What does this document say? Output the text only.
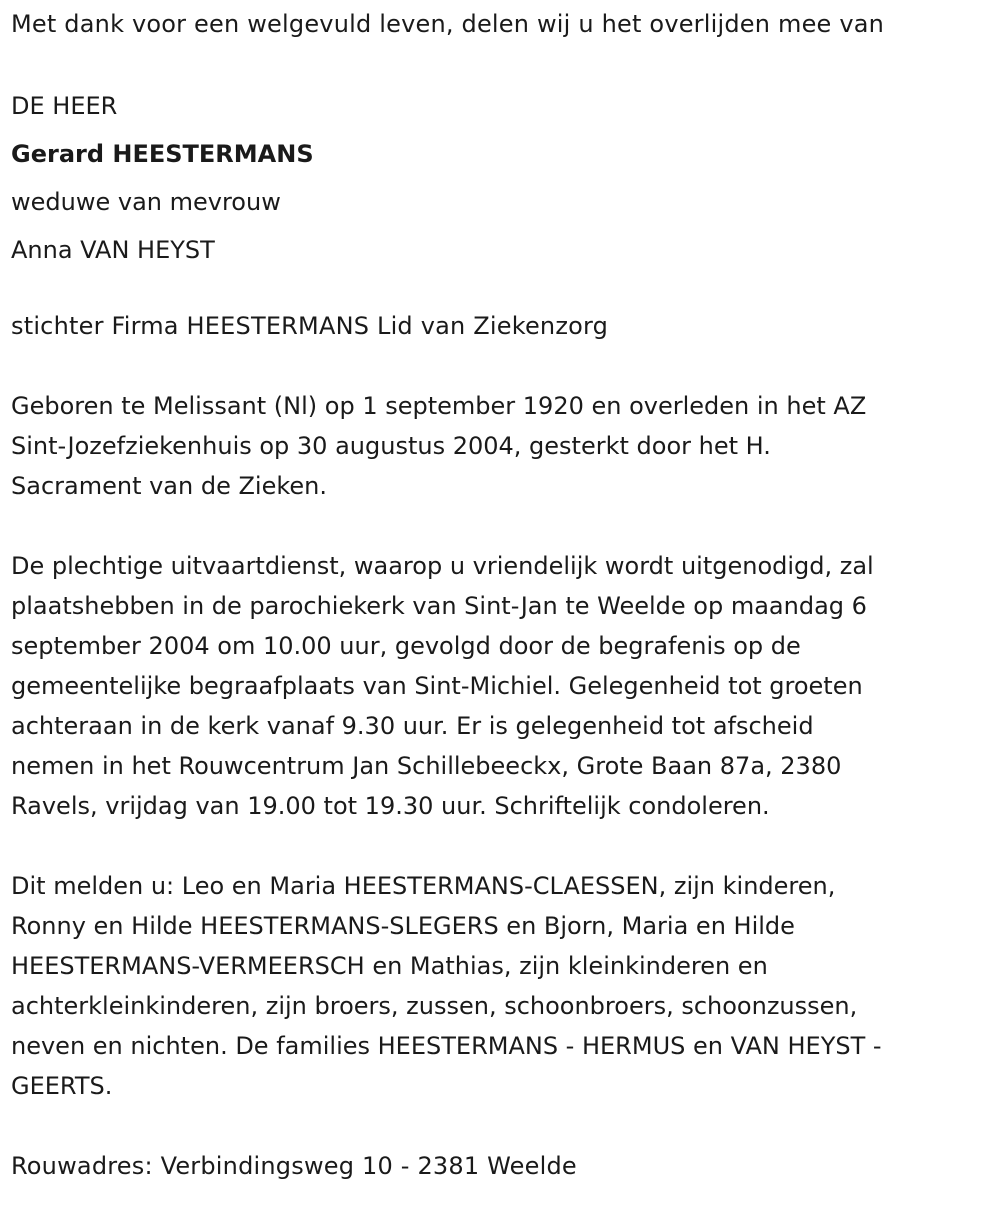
Met dank voor een welgevuld leven, delen wij u het overlijden mee van

DE HEER

Gerard HEESTERMANS

weduwe van mevrouw

Anna VAN HEYST

stichter Firma HEESTERMANS Lid van Ziekenzorg

Geboren te Melissant (Nl) op 1 september 1920 en overleden in het AZ
Sint-Jozefziekenhuis op 30 augustus 2004, gesterkt door het H.
Sacrament van de Zieken.
De plechtige uitvaartdienst, waarop u vriendelijk wordt uitgenodigd, zal
plaatshebben in de parochiekerk van Sint-Jan te Weelde op maandag 6
september 2004 om 10.00 uur, gevolgd door de begrafenis op de
gemeentelijke begraafplaats van Sint-Michiel. Gelegenheid tot groeten
achteraan in de kerk vanaf 9.30 uur. Er is gelegenheid tot afscheid
nemen in het Rouwcentrum Jan Schillebeeckx, Grote Baan 87a, 2380
Ravels, vrijdag van 19.00 tot 19.30 uur. Schriftelijk condoleren.
Dit melden u: Leo en Maria HEESTERMANS-CLAESSEN, zijn kinderen,
Ronny en Hilde HEESTERMANS-SLEGERS en Bjorn, Maria en Hilde
HEESTERMANS-VERMEERSCH en Mathias, zijn kleinkinderen en
achterkleinkinderen, zijn broers, zussen, schoonbroers, schoonzussen,
neven en nichten. De families HEESTERMANS - HERMUS en VAN HEYST -
GEERTS.

Rouwadres: Verbindingsweg 10 - 2381 Weelde
